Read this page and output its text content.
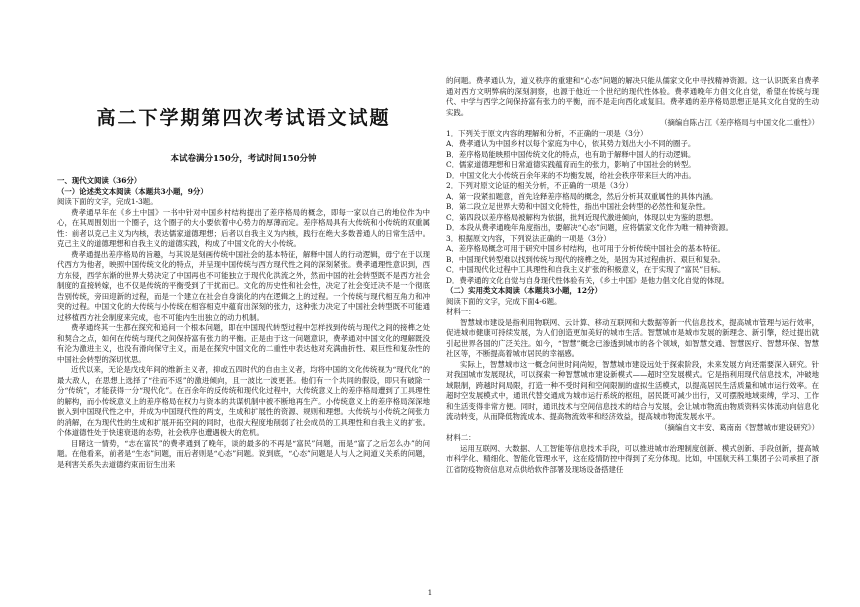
高二下学期第四次考试语文试题
本试卷满分150分，考试时间150分钟

一、现代文阅读（36分）

（一）论述类文本阅读（本题共3小题，9分）

阅读下面的文字，完成1-3题。

费孝通早年在《乡土中国》一书中针对中国乡村结构提出了差序格局的概念，即每一家以自己的地位作为中心，在其周围划出一个圈子，这个圈子的大小要依着中心势力的厚薄而定。差序格局具有大传统和小传统的双重属性：前者以克己主义为内核，表达儒家道德理想；后者以自我主义为内核，践行在绝大多数普通人的日常生活中。克己主义的道德理想和自我主义的道德实践，构成了中国文化的大小传统。

费孝通提出差序格局的旨趣，与其说是刻画传统中国社会的基本特征，解释中国人的行动逻辑，毋宁在于以现代西方为他者，映照中国传统文化的特点，并呈现中国传统与西方现代性之间的深刻紧张。费孝通理性意识到，西方东侵，西学东渐的世界大势决定了中国再也不可能独立于现代化洪流之外，然而中国的社会转型既不是西方社会制度的直接转嫁，也不仅是传统的平衡受到了干扰而已。文化的历史性和社会性，决定了社会变迁决不是一个彻底告别传统，旁田迎新的过程，而是一个建立在社会自身演化的内在逻辑之上的过程。一个传统与现代相互角力和冲突的过程。中国文化的大传统与小传统在相容相克中蕴育出深刻的张力，这种张力决定了中国社会转型既不可能通过移植西方社会制度来完成，也不可能内生出独立的动力机制。

费孝通终其一生都在探究和追问一个根本问题，即在中国现代转型过程中怎样找到传统与现代之间的接榫之处和契合之点，如何在传统与现代之间保持富有张力的平衡。正是由于这一问题意识，费孝通对中国文化的理解既没有沦为激进主义，也没有滑向保守主义，而是在探究中国文化的二重性中表达他对充满曲折性、艰巨性和复杂性的中国社会转型的深切忧思。

近代以来，无论是戊戌年间的维新主义者，抑或五四时代的自由主义者，均将中国的文化传统视为“现代化”的最大敌人，在思想上选择了“往而不返”的激进倾向，且一波比一波更甚。他们有一个共同的假设，即只有破除一分“传统”，才能获得一分“现代化”。在百余年的反传统和现代化过程中，大传统意义上的差序格局遭到了工具理性的解构，而小传统意义上的差序格局在权力与资本的共谋机制中被不断地再生产。小传统意义上的差序格局深深地嵌入到中国现代性之中，并成为中国现代性的两支，生成和扩展性的资源、规则和理想。大传统与小传统之间张力的消解，在为现代性的生成和扩展开拓空间的同时，也很大程度地削弱了社会成员的工具理性和自我主义的扩张。个体道德性处于快速衰退的态势，社会秩序也遭遇极大的危机。

目睹这一情势，“志在富民”的费孝通到了晚年，谈的最多的不再是“富民”问题，而是“富了之后怎么办”的问题。在他看来，前者是“生态”问题，而后者则是“心态”问题。说到底，“心态”问题是人与人之间道义关系的问题，是利害关系失去道德约束而衍生出来

的问题。费孝通认为，道义秩序的重建和“心态”问题的解决只能从儒家文化中寻找精神资源。这一认识既来自费孝通对西方文明弊病的深刻洞察，也源于他近一个世纪的现代性体验。费孝通晚年力倡文化自觉，希望在传统与现代、中学与西学之间保持富有张力的平衡，而不是走向西化或复旧。费孝通的差序格局思想正是其文化自觉的生动实践。

（摘编自陈占江《差序格局与中国文化二重性》）

1．下列关于原文内容的理解和分析，不正确的一项是（3分）

A．费孝通认为中国乡村以每个家庭为中心，依其势力划出大小不同的圈子。

B．差序格局能映照中国传统文化的特点，也有助于解释中国人的行动逻辑。

C．儒家道德理想和日常道德实践蕴育而生的张力，影响了中国社会的转型。

D．中国文化大小传统百余年来的不均衡发展，给社会秩序带来巨大的冲击。

2．下列对原文论证的相关分析，不正确的一项是（3分）

A．第一段紧扣题意，首先诠释差序格局的概念，然后分析其双重属性的具体内涵。

B．第二段立足世界大势和中国文化特性，指出中国社会转型的必然性和复杂性。

C．第四段以差序格局被解构为依据，批判近现代激进倾向，体现以史为鉴的思想。

D．本段从费孝通晚年角度指出，要解决“心态”问题，应将儒家文化作为唯一精神资源。

3．根据原文内容，下列说法正确的一项是（3分）

A．差序格局概念可用于研究中国乡村结构，也可用于分析传统中国社会的基本特征。

B．中国现代转型难以找到传统与现代的接榫之处，是因为其过程曲折、艰巨和复杂。

C．中国现代化过程中工具理性和自我主义扩张的积极意义，在于实现了“富民”目标。

D．费孝通的文化自觉与自身现代性体验有关，《乡土中国》是他力倡文化自觉的体现。

（二）实用类文本阅读（本题共3小题，12分）

阅读下面的文字，完成下面4-6题。

材料一：

智慧城市建设是指利用物联网、云计算、移动互联网和大数据等新一代信息技术，提高城市管理与运行效率，促进城市健康可持续发展，为人们创造更加美好的城市生活。智慧城市是城市发展的新理念、新引擎，经过提出就引起世界各国的广泛关注。如今，“智慧”概念已渗透到城市的各个领域，如智慧交通、智慧医疗、智慧环保、智慧社区等，不断提高着城市居民的幸福感。

实际上，智慧城市这一概念问世时间尚短，智慧城市建设远处于探索阶段，未来发展方向还需要深入研究。针对我国城市发展现状，可以探索一种智慧城市建设新模式——超时空发展模式。它是指利用现代信息技术，冲破地域限制，跨越时间局限，打造一种不受时间和空间限制的虚拟生活模式，以提高居民生活质量和城市运行效率。在超时空发展模式中，通讯代替交通成为城市运行系统的枢纽，居民既可减少出行，又可摆脱地域束缚，学习、工作和生活变得非常方便。同时，通讯技术与空间信息技术的结合与发展，会让城市物流由物质资料实体流动向信息化流动转变，从而降低物流成本、提高物流效率和经济效益，提高城市物流发展水平。

（摘编自文丰安、葛南南《智慧城市建设研究》）

材料二：

运用互联网、大数据、人工智能等信息技术手段，可以推进城市治理制度创新、模式创新、手段创新，提高城市科学化、精细化、智能化管理水平，这在疫情防控中得到了充分体现。比如，中国航天科工集团子公司承担了浙江省防疫物资信息对点供给软件部署及现场设备搭建任

1
